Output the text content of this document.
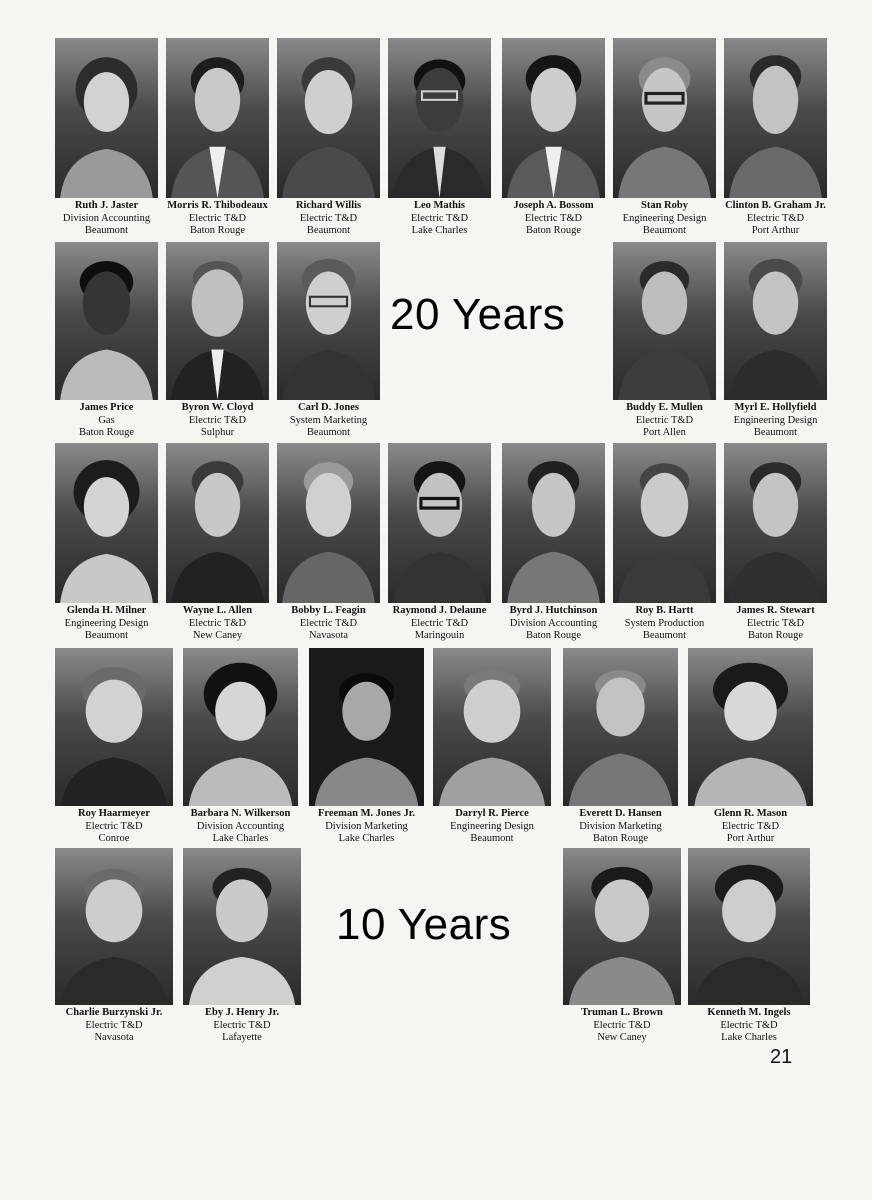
20 Years
10 Years
21
Ruth J. Jaster
Division Accounting
Beaumont
Morris R. Thibodeaux
Electric T&D
Baton Rouge
Richard Willis
Electric T&D
Beaumont
Leo Mathis
Electric T&D
Lake Charles
Joseph A. Bossom
Electric T&D
Baton Rouge
Stan Roby
Engineering Design
Beaumont
Clinton B. Graham Jr.
Electric T&D
Port Arthur
James Price
Gas
Baton Rouge
Byron W. Cloyd
Electric T&D
Sulphur
Carl D. Jones
System Marketing
Beaumont
Buddy E. Mullen
Electric T&D
Port Allen
Myrl E. Hollyfield
Engineering Design
Beaumont
Glenda H. Milner
Engineering Design
Beaumont
Wayne L. Allen
Electric T&D
New Caney
Bobby L. Feagin
Electric T&D
Navasota
Raymond J. Delaune
Electric T&D
Maringouin
Byrd J. Hutchinson
Division Accounting
Baton Rouge
Roy B. Hartt
System Production
Beaumont
James R. Stewart
Electric T&D
Baton Rouge
Roy Haarmeyer
Electric T&D
Conroe
Barbara N. Wilkerson
Division Accounting
Lake Charles
Freeman M. Jones Jr.
Division Marketing
Lake Charles
Darryl R. Pierce
Engineering Design
Beaumont
Everett D. Hansen
Division Marketing
Baton Rouge
Glenn R. Mason
Electric T&D
Port Arthur
Charlie Burzynski Jr.
Electric T&D
Navasota
Eby J. Henry Jr.
Electric T&D
Lafayette
Truman L. Brown
Electric T&D
New Caney
Kenneth M. Ingels
Electric T&D
Lake Charles
